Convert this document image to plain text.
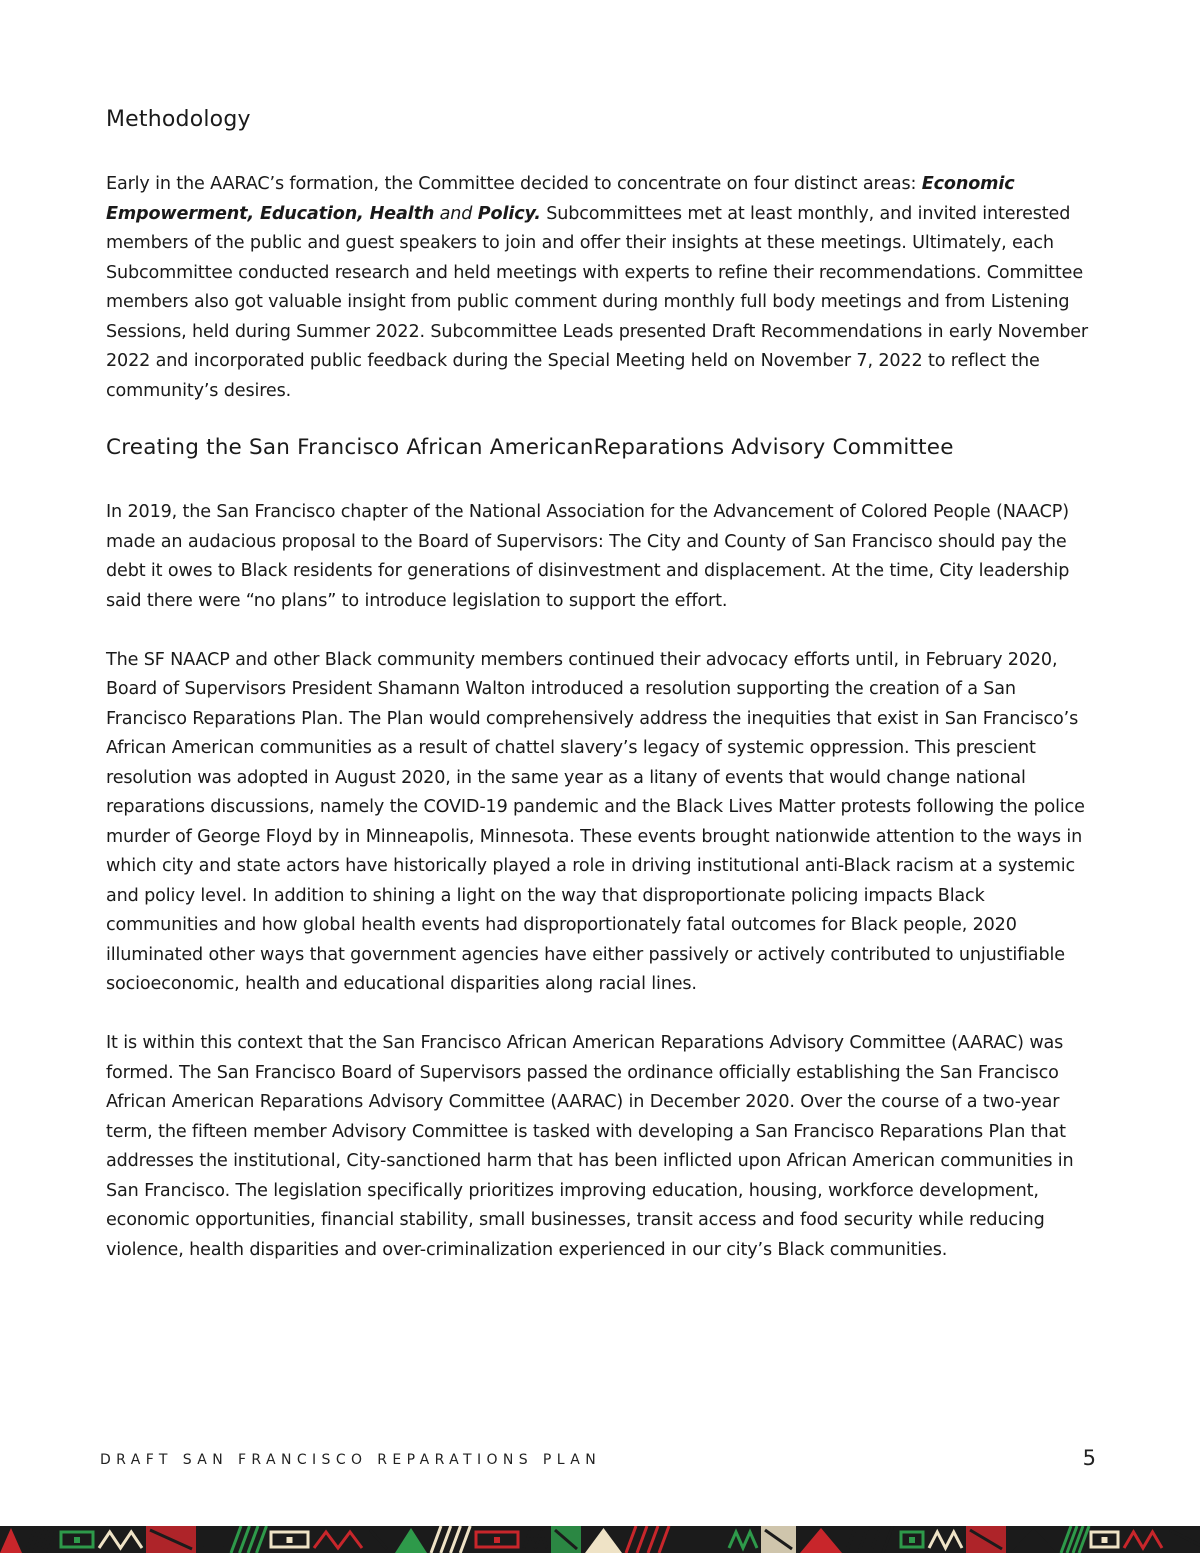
Methodology

Early in the AARAC’s formation, the Committee decided to concentrate on four distinct areas: Economic Empowerment, Education, Health and Policy. Subcommittees met at least monthly, and invited interested members of the public and guest speakers to join and offer their insights at these meetings. Ultimately, each Subcommittee conducted research and held meetings with experts to refine their recommendations. Committee members also got valuable insight from public comment during monthly full body meetings and from Listening Sessions, held during Summer 2022. Subcommittee Leads presented Draft Recommendations in early November 2022 and incorporated public feedback during the Special Meeting held on November 7, 2022 to reflect the community’s desires.

Creating the San Francisco African AmericanReparations Advisory Committee

In 2019, the San Francisco chapter of the National Association for the Advancement of Colored People (NAACP) made an audacious proposal to the Board of Supervisors: The City and County of San Francisco should pay the debt it owes to Black residents for generations of disinvestment and displacement. At the time, City leadership said there were “no plans” to introduce legislation to support the effort.

The SF NAACP and other Black community members continued their advocacy efforts until, in February 2020, Board of Supervisors President Shamann Walton introduced a resolution supporting the creation of a San Francisco Reparations Plan. The Plan would comprehensively address the inequities that exist in San Francisco’s African American communities as a result of chattel slavery’s legacy of systemic oppression. This prescient resolution was adopted in August 2020, in the same year as a litany of events that would change national reparations discussions, namely the COVID-19 pandemic and the Black Lives Matter protests following the police murder of George Floyd by in Minneapolis, Minnesota. These events brought nationwide attention to the ways in which city and state actors have historically played a role in driving institutional anti-Black racism at a systemic and policy level. In addition to shining a light on the way that disproportionate policing impacts Black communities and how global health events had disproportionately fatal outcomes for Black people, 2020 illuminated other ways that government agencies have either passively or actively contributed to unjustifiable socioeconomic, health and educational disparities along racial lines.

It is within this context that the San Francisco African American Reparations Advisory Committee (AARAC) was formed. The San Francisco Board of Supervisors passed the ordinance officially establishing the San Francisco African American Reparations Advisory Committee (AARAC) in December 2020. Over the course of a two-year term, the fifteen member Advisory Committee is tasked with developing a San Francisco Reparations Plan that addresses the institutional, City-sanctioned harm that has been inflicted upon African American communities in San Francisco. The legislation specifically prioritizes improving education, housing, workforce development, economic opportunities, financial stability, small businesses, transit access and food security while reducing violence, health disparities and over-criminalization experienced in our city’s Black communities.

DRAFT SAN FRANCISCO REPARATIONS PLAN	5
